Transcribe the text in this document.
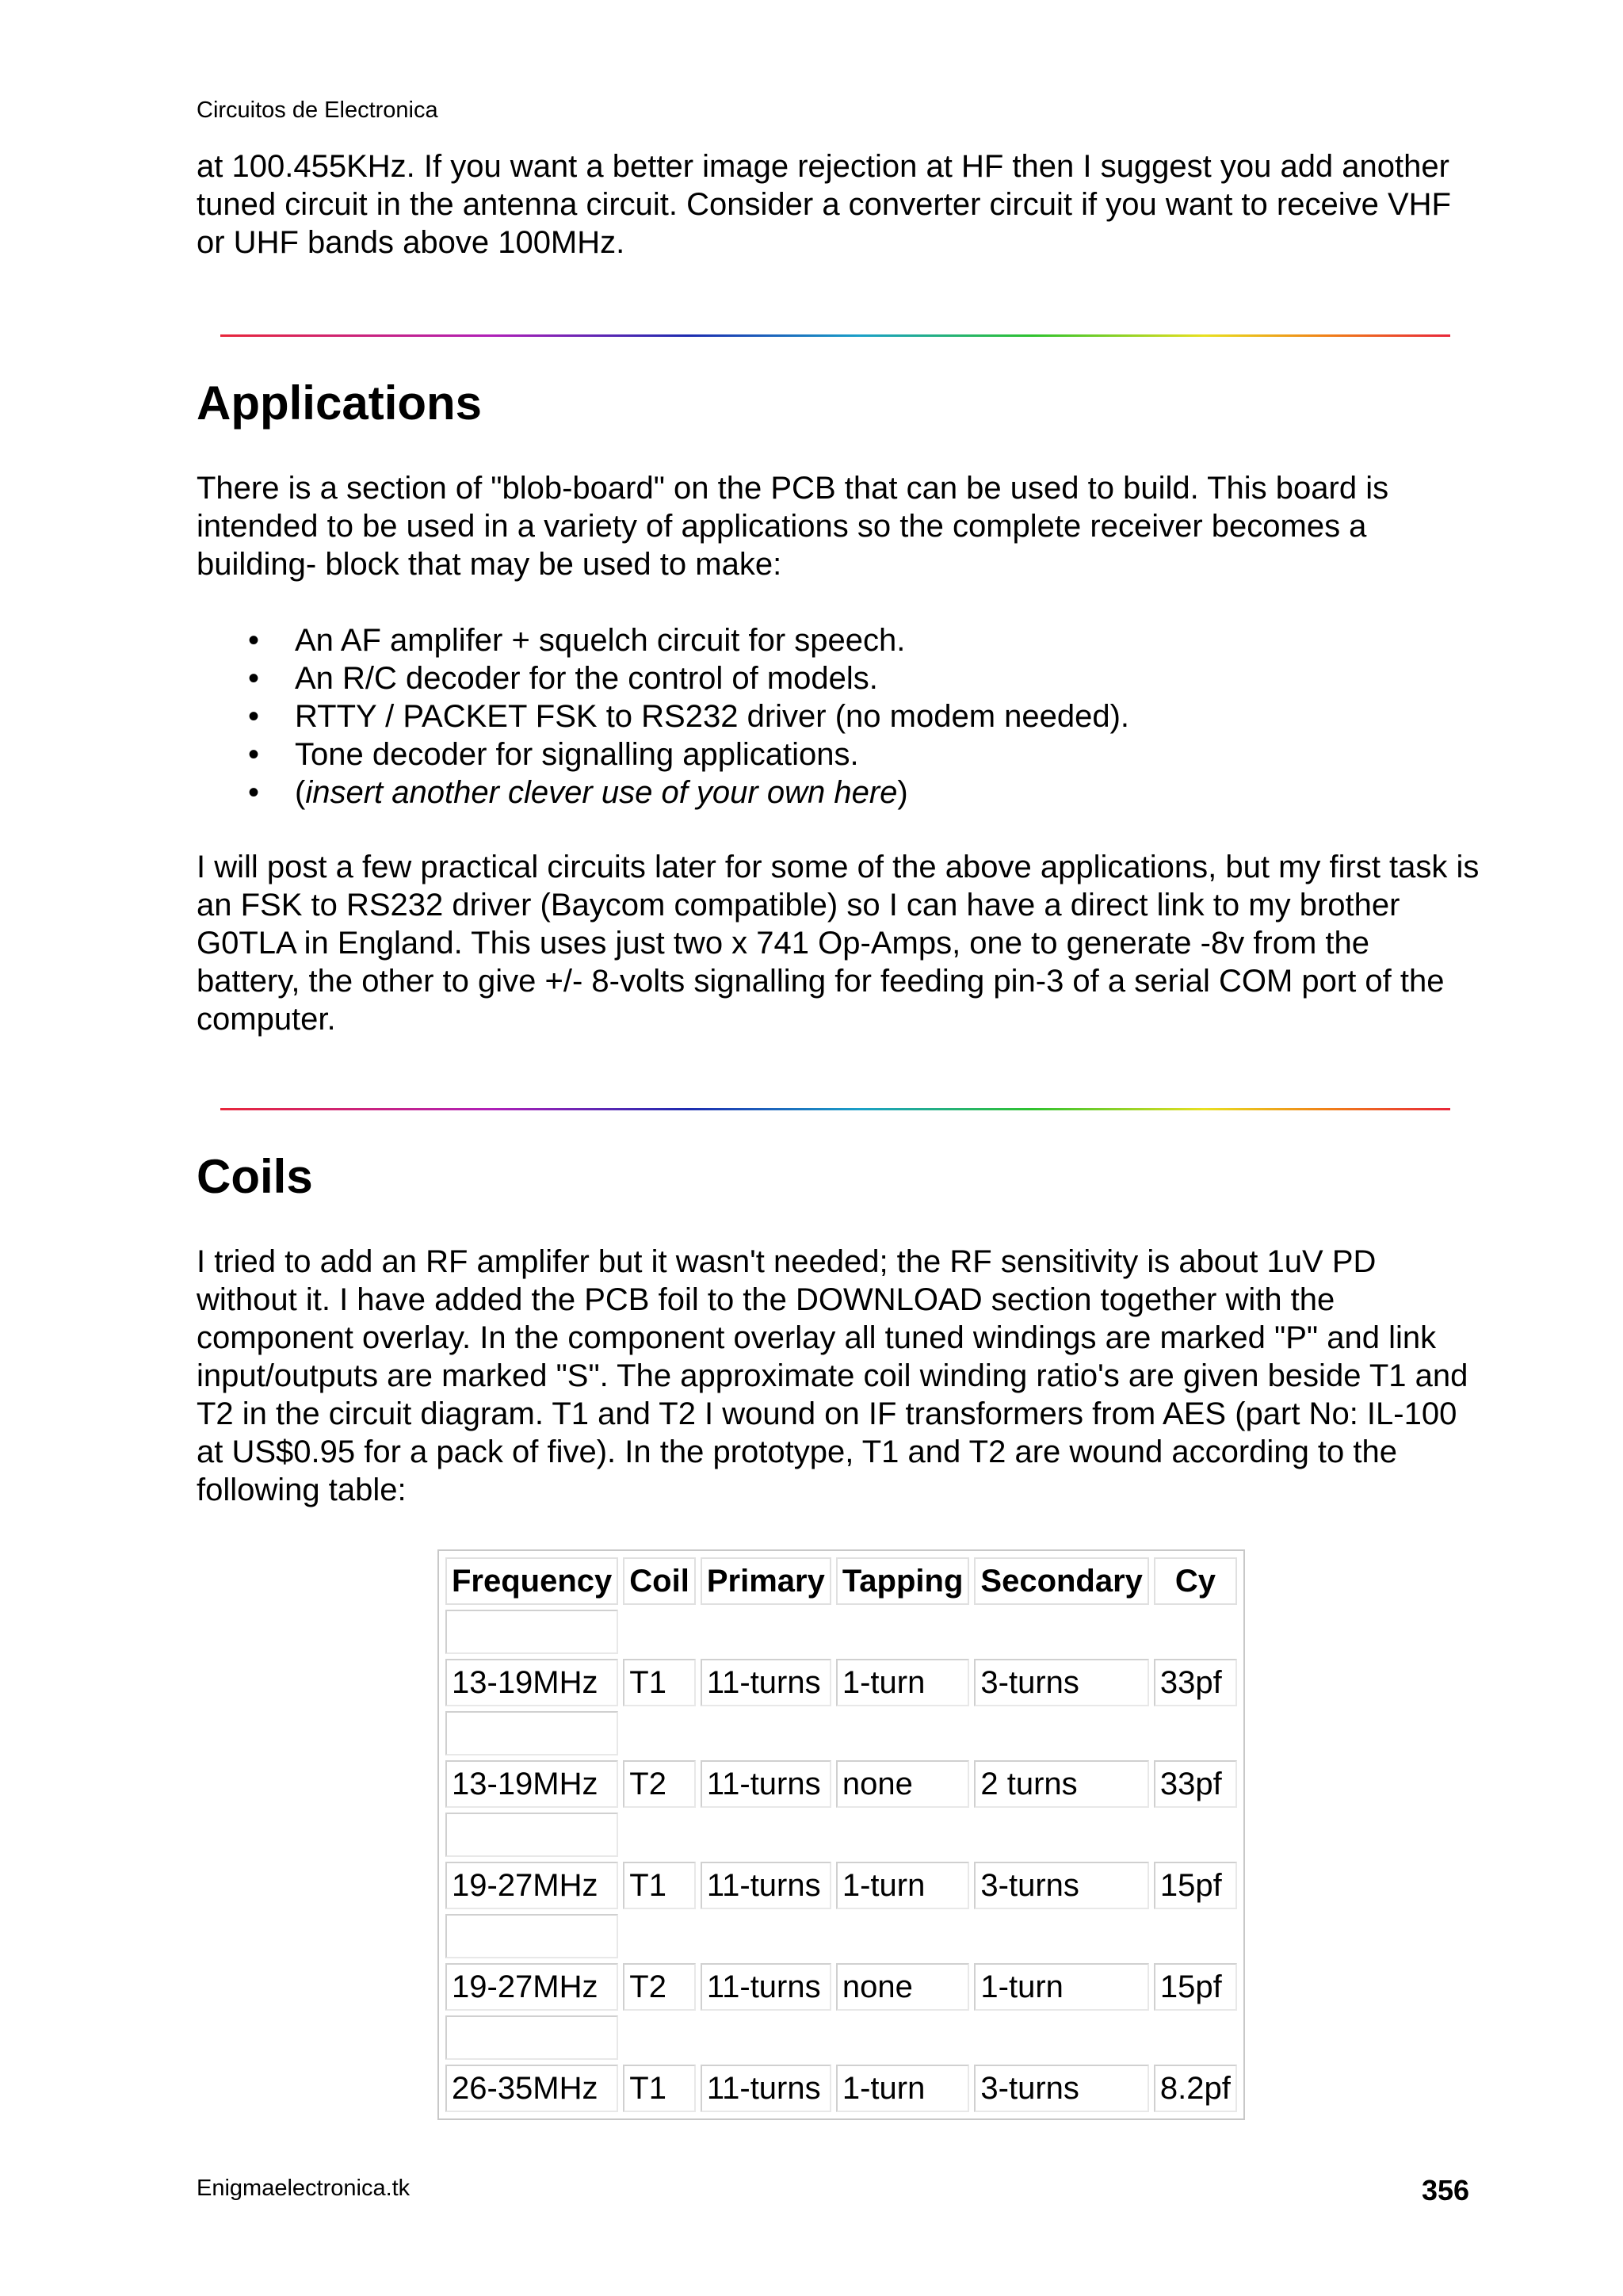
Circuitos de Electronica

at 100.455KHz. If you want a better image rejection at HF then I suggest you add another tuned circuit in the antenna circuit. Consider a converter circuit if you want to receive VHF or UHF bands above 100MHz.

Applications

There is a section of "blob-board" on the PCB that can be used to build. This board is intended to be used in a variety of applications so the complete receiver becomes a building- block that may be used to make:

• An AF amplifer + squelch circuit for speech.
• An R/C decoder for the control of models.
• RTTY / PACKET FSK to RS232 driver (no modem needed).
• Tone decoder for signalling applications.
• (insert another clever use of your own here)

I will post a few practical circuits later for some of the above applications, but my first task is an FSK to RS232 driver (Baycom compatible) so I can have a direct link to my brother G0TLA in England. This uses just two x 741 Op-Amps, one to generate -8v from the battery, the other to give +/- 8-volts signalling for feeding pin-3 of a serial COM port of the computer.

Coils

I tried to add an RF amplifer but it wasn't needed; the RF sensitivity is about 1uV PD without it. I have added the PCB foil to the DOWNLOAD section together with the component overlay. In the component overlay all tuned windings are marked "P" and link input/outputs are marked "S". The approximate coil winding ratio's are given beside T1 and T2 in the circuit diagram. T1 and T2 I wound on IF transformers from AES (part No: IL-100 at US$0.95 for a pack of five). In the prototype, T1 and T2 are wound according to the following table:

Frequency	Coil	Primary	Tapping	Secondary	Cy

13-19MHz	T1	11-turns	1-turn	3-turns	33pf

13-19MHz	T2	11-turns	none	2 turns	33pf

19-27MHz	T1	11-turns	1-turn	3-turns	15pf

19-27MHz	T2	11-turns	none	1-turn	15pf

26-35MHz	T1	11-turns	1-turn	3-turns	8.2pf
Enigmaelectronica.tk	356
